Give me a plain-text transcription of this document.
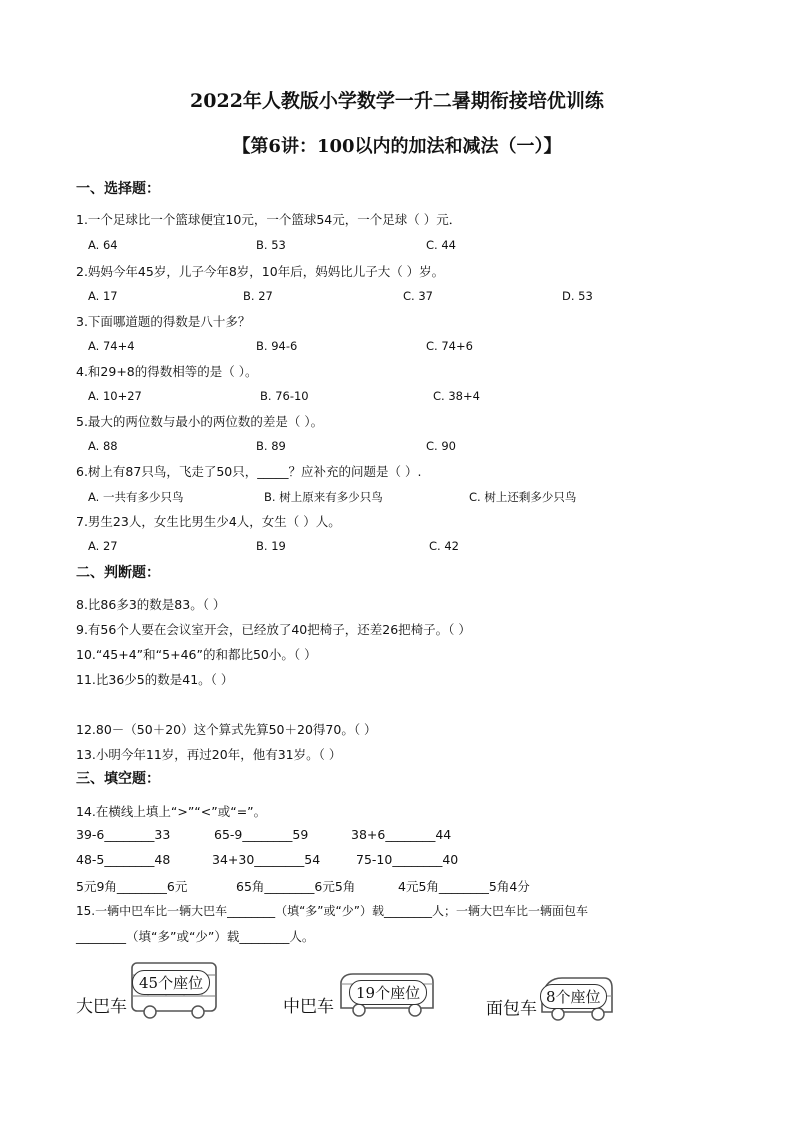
2022年人教版小学数学一升二暑期衔接培优训练
【第6讲：100以内的加法和减法（一）】
一、选择题：
1.一个足球比一个篮球便宜10元，一个篮球54元，一个足球（ ）元．
A. 64	B. 53	C. 44
2.妈妈今年45岁，儿子今年8岁，10年后，妈妈比儿子大（ ）岁。
A. 17	B. 27	C. 37	D. 53
3.下面哪道题的得数是八十多？
A. 74+4	B. 94-6	C. 74+6
4.和29+8的得数相等的是（ ）。
A. 10+27	B. 76-10	C. 38+4
5.最大的两位数与最小的两位数的差是（ ）。
A. 88	B. 89	C. 90
6.树上有87只鸟，飞走了50只，_____？应补充的问题是（ ）.
A. 一共有多少只鸟	B. 树上原来有多少只鸟	C. 树上还剩多少只鸟
7.男生23人，女生比男生少4人，女生（ ）人。
A. 27	B. 19	C. 42
二、判断题：
8.比86多3的数是83。（ ）
9.有56个人要在会议室开会，已经放了40把椅子，还差26把椅子。（ ）
10.“45+4”和“5+46”的和都比50小。（ ）
11.比36少5的数是41。（ ）
12.80－（50＋20）这个算式先算50＋20得70。（ ）
13.小明今年11岁，再过20年，他有31岁。（ ）
三、填空题：
14.在横线上填上“>”“<”或“=”。
39-6________33	65-9________59	38+6________44
48-5________48	34+30________54	75-10________40
5元9角________6元	65角________6元5角	4元5角________5角4分
15.一辆中巴车比一辆大巴车________（填“多”或“少”）载________人；一辆大巴车比一辆面包车
________（填“多”或“少”）载________人。
大巴车
45个座位
中巴车
19个座位
面包车
8个座位
